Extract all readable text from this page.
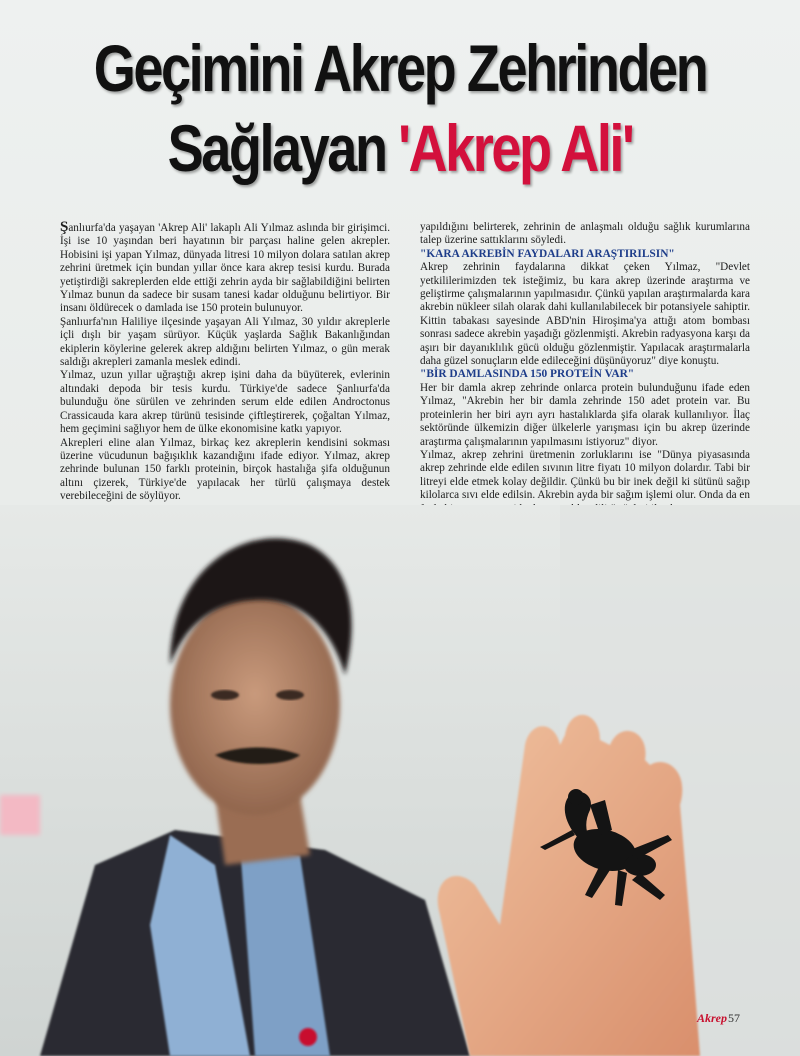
Geçimini Akrep Zehrinden
Sağlayan 'Akrep Ali'

Şanlıurfa'da yaşayan 'Akrep Ali' lakaplı Ali Yılmaz aslında bir girişimci. İşi ise 10 yaşından beri hayatının bir parçası haline gelen akrepler. Hobisini işi yapan Yılmaz, dünyada litresi 10 milyon dolara satılan akrep zehrini üretmek için bundan yıllar önce kara akrep tesisi kurdu. Burada yetiştirdiği sakreplerden elde ettiği zehrin ayda bir sağlabildiğini belirten Yılmaz bunun da sadece bir susam tanesi kadar olduğunu belirtiyor. Bir insanı öldürecek o damlada ise 150 protein bulunuyor.

Şanlıurfa'nın Haliliye ilçesinde yaşayan Ali Yılmaz, 30 yıldır akreplerle içli dışlı bir yaşam sürüyor. Küçük yaşlarda Sağlık Bakanlığından ekiplerin köylerine gelerek akrep aldığını belirten Yılmaz, o gün merak saldığı akrepleri zamanla meslek edindi.

Yılmaz, uzun yıllar uğraştığı akrep işini daha da büyüterek, evlerinin altındaki depoda bir tesis kurdu. Türkiye'de sadece Şanlıurfa'da bulunduğu öne sürülen ve zehrinden serum elde edilen Androctonus Crassicauda kara akrep türünü tesisinde çiftleştirerek, çoğaltan Yılmaz, hem geçimini sağlıyor hem de ülke ekonomisine katkı yapıyor.

Akrepleri eline alan Yılmaz, birkaç kez akreplerin kendisini sokması üzerine vücudunun bağışıklık kazandığını ifade ediyor. Yılmaz, akrep zehrinde bulunan 150 farklı proteinin, birçok hastalığa şifa olduğunun altını çizerek, Türkiye'de yapılacak her türlü çalışmaya destek verebileceğini de söylüyor.

yapıldığını belirterek, zehrinin de anlaşmalı olduğu sağlık kurumlarına talep üzerine sattıklarını söyledi.

"KARA AKREBİN FAYDALARI ARAŞTIRILSIN"

Akrep zehrinin faydalarına dikkat çeken Yılmaz, "Devlet yetkililerimizden tek isteğimiz, bu kara akrep üzerinde araştırma ve geliştirme çalışmalarının yapılmasıdır. Çünkü yapılan araştırmalarda kara akrebin nükleer silah olarak dahi kullanılabilecek bir potansiyele sahiptir. Kittin tabakası sayesinde ABD'nin Hiroşima'ya attığı atom bombası sonrası sadece akrebin yaşadığı gözlenmişti. Akrebin radyasyona karşı da aşırı bir dayanıklılık gücü olduğu gözlenmiştir. Yapılacak araştırmalarla daha güzel sonuçların elde edileceğini düşünüyoruz" diye konuştu.

"BİR DAMLASINDA 150 PROTEİN VAR"

Her bir damla akrep zehrinde onlarca protein bulunduğunu ifade eden Yılmaz, "Akrebin her bir damla zehrinde 150 adet protein var. Bu proteinlerin her biri ayrı ayrı hastalıklarda şifa olarak kullanılıyor. İlaç sektöründe ülkemizin diğer ülkelerle yarışması için bu akrep üzerinde araştırma çalışmalarının yapılmasını istiyoruz" diyor.

Yılmaz, akrep zehrini üretmenin zorluklarını ise "Dünya piyasasında akrep zehrinde elde edilen sıvının litre fiyatı 10 milyon dolardır. Tabi bir litreyi elde etmek kolay değildir. Çünkü bu bir inek değil ki sütünü sağıp kilolarca sıvı elde edilsin. Akrebin ayda bir sağım işlemi olur. Onda da en

Akrep57
